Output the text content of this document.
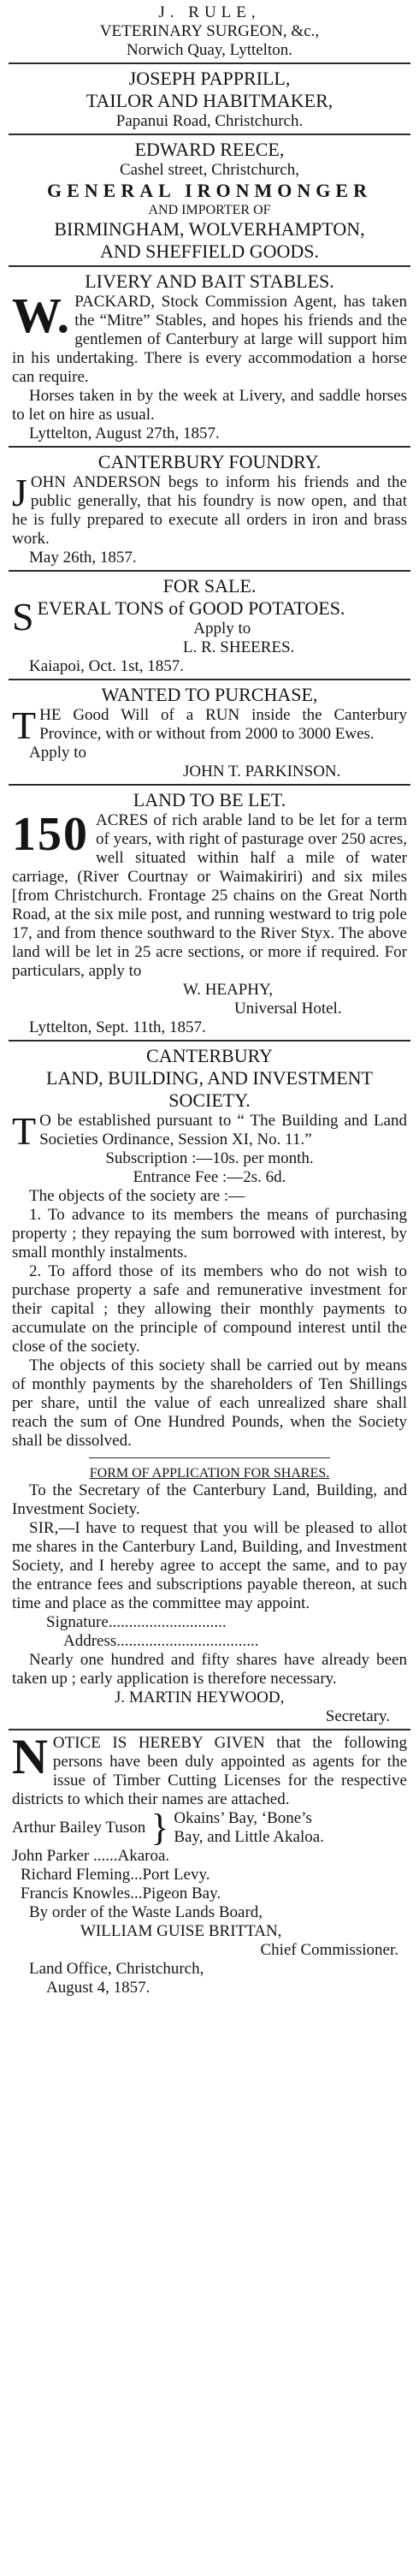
J. RULE,

VETERINARY SURGEON, &c.,

Norwich Quay, Lyttelton.

JOSEPH PAPPRILL,

TAILOR AND HABITMAKER,

Papanui Road, Christchurch.

EDWARD REECE,

Cashel street, Christchurch,

GENERAL IRONMONGER

AND IMPORTER OF

BIRMINGHAM, WOLVERHAMPTON,

AND SHEFFIELD GOODS.

LIVERY AND BAIT STABLES.

W. PACKARD, Stock Commission Agent, has taken the “Mitre” Stables, and hopes his friends and the gentlemen of Canterbury at large will support him in his undertaking. There is every accommodation a horse can require.

Horses taken in by the week at Livery, and saddle horses to let on hire as usual.

Lyttelton, August 27th, 1857.

CANTERBURY FOUNDRY.

J OHN ANDERSON begs to inform his friends and the public generally, that his foundry is now open, and that he is fully prepared to execute all orders in iron and brass work.

May 26th, 1857.

FOR SALE.

S EVERAL TONS of GOOD POTATOES.

Apply to

L. R. SHEERES.

Kaiapoi, Oct. 1st, 1857.

WANTED TO PURCHASE,

T HE Good Will of a RUN inside the Canterbury Province, with or without from 2000 to 3000 Ewes.

Apply to

JOHN T. PARKINSON.

LAND TO BE LET.

150 ACRES of rich arable land to be let for a term of years, with right of pasturage over 250 acres, well situated within half a mile of water carriage, (River Courtnay or Waimakiriri) and six miles [from Christchurch. Frontage 25 chains on the Great North Road, at the six mile post, and running westward to trig pole 17, and from thence southward to the River Styx. The above land will be let in 25 acre sections, or more if required. For particulars, apply to

W. HEAPHY,

Universal Hotel.

Lyttelton, Sept. 11th, 1857.

CANTERBURY

LAND, BUILDING, AND INVESTMENT

SOCIETY.

T O be established pursuant to “ The Building and Land Societies Ordinance, Session XI, No. 11.”

Subscription :—10s. per month.

Entrance Fee :—2s. 6d.

The objects of the society are :—

1. To advance to its members the means of purchasing property ; they repaying the sum borrowed with interest, by small monthly instalments.

2. To afford those of its members who do not wish to purchase property a safe and remunerative investment for their capital ; they allowing their monthly payments to accumulate on the principle of compound interest until the close of the society.

The objects of this society shall be carried out by means of monthly payments by the shareholders of Ten Shillings per share, until the value of each unrealized share shall reach the sum of One Hundred Pounds, when the Society shall be dissolved.

FORM OF APPLICATION FOR SHARES.

To the Secretary of the Canterbury Land, Building, and Investment Society.

SIR,—I have to request that you will be pleased to allot me shares in the Canterbury Land, Building, and Investment Society, and I hereby agree to accept the same, and to pay the entrance fees and subscriptions payable thereon, at such time and place as the committee may appoint.

Signature.............................

Address...................................

Nearly one hundred and fifty shares have already been taken up ; early application is therefore necessary.

J. MARTIN HEYWOOD,

Secretary.

N OTICE IS HEREBY GIVEN that the following persons have been duly appointed as agents for the issue of Timber Cutting Licenses for the respective districts to which their names are attached.
Arthur Bailey Tuson } Okains’ Bay, ‘Bone’s Bay, and Little Akaloa.

John Parker ......Akaroa.

Richard Fleming...Port Levy.

Francis Knowles...Pigeon Bay.

By order of the Waste Lands Board,

WILLIAM GUISE BRITTAN,

Chief Commissioner.

Land Office, Christchurch,

August 4, 1857.
